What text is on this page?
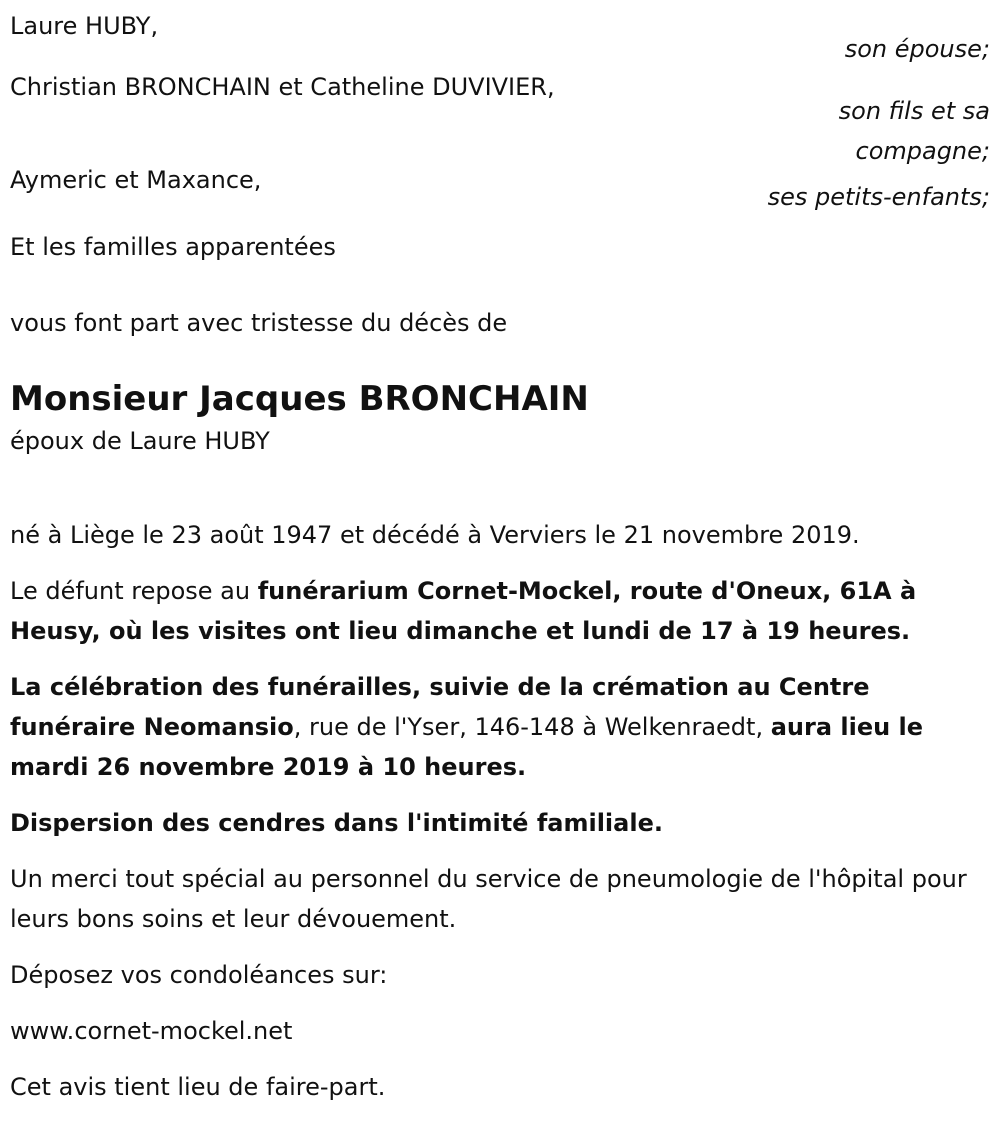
Laure HUBY,
son épouse;
Christian BRONCHAIN et Catheline DUVIVIER,
son fils et sa compagne;
Aymeric et Maxance,
ses petits-enfants;
Et les familles apparentées
vous font part avec tristesse du décès de
Monsieur Jacques BRONCHAIN
époux de Laure HUBY
né à Liège le 23 août 1947 et décédé à Verviers le 21 novembre 2019.
Le défunt repose au funérarium Cornet-Mockel, route d'Oneux, 61A à Heusy, où les visites ont lieu dimanche et lundi de 17 à 19 heures.
La célébration des funérailles, suivie de la crémation au Centre funéraire Neomansio, rue de l'Yser, 146-148 à Welkenraedt, aura lieu le mardi 26 novembre 2019 à 10 heures.
Dispersion des cendres dans l'intimité familiale.
Un merci tout spécial au personnel du service de pneumologie de l'hôpital pour leurs bons soins et leur dévouement.
Déposez vos condoléances sur:
www.cornet-mockel.net
Cet avis tient lieu de faire-part.
